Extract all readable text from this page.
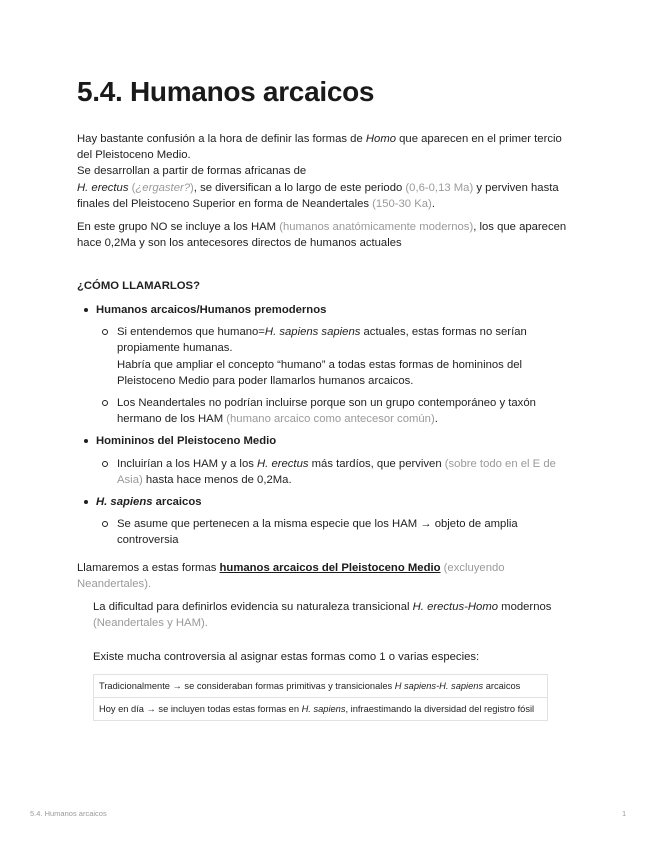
5.4. Humanos arcaicos
Hay bastante confusión a la hora de definir las formas de Homo que aparecen en el primer tercio del Pleistoceno Medio.
Se desarrollan a partir de formas africanas de
H. erectus (¿ergaster?), se diversifican a lo largo de este periodo (0,6-0,13 Ma) y perviven hasta finales del Pleistoceno Superior en forma de Neandertales (150-30 Ka).
En este grupo NO se incluye a los HAM (humanos anatómicamente modernos), los que aparecen hace 0,2Ma y son los antecesores directos de humanos actuales
¿CÓMO LLAMARLOS?
Humanos arcaicos/Humanos premodernos
Si entendemos que humano=H. sapiens sapiens actuales, estas formas no serían propiamente humanas.
Habría que ampliar el concepto “humano” a todas estas formas de homininos del Pleistoceno Medio para poder llamarlos humanos arcaicos.
Los Neandertales no podrían incluirse porque son un grupo contemporáneo y taxón hermano de los HAM (humano arcaico como antecesor común).
Homininos del Pleistoceno Medio
Incluirían a los HAM y a los H. erectus más tardíos, que perviven (sobre todo en el E de Asia) hasta hace menos de 0,2Ma.
H. sapiens arcaicos
Se asume que pertenecen a la misma especie que los HAM → objeto de amplia controversia
Llamaremos a estas formas humanos arcaicos del Pleistoceno Medio (excluyendo Neandertales).
La dificultad para definirlos evidencia su naturaleza transicional H. erectus-Homo modernos
(Neandertales y HAM).
Existe mucha controversia al asignar estas formas como 1 o varias especies:
Tradicionalmente → se consideraban formas primitivas y transicionales H sapiens-H. sapiens arcaicos
Hoy en día → se incluyen todas estas formas en H. sapiens, infraestimando la diversidad del registro fósil
5.4. Humanos arcaicos	1
